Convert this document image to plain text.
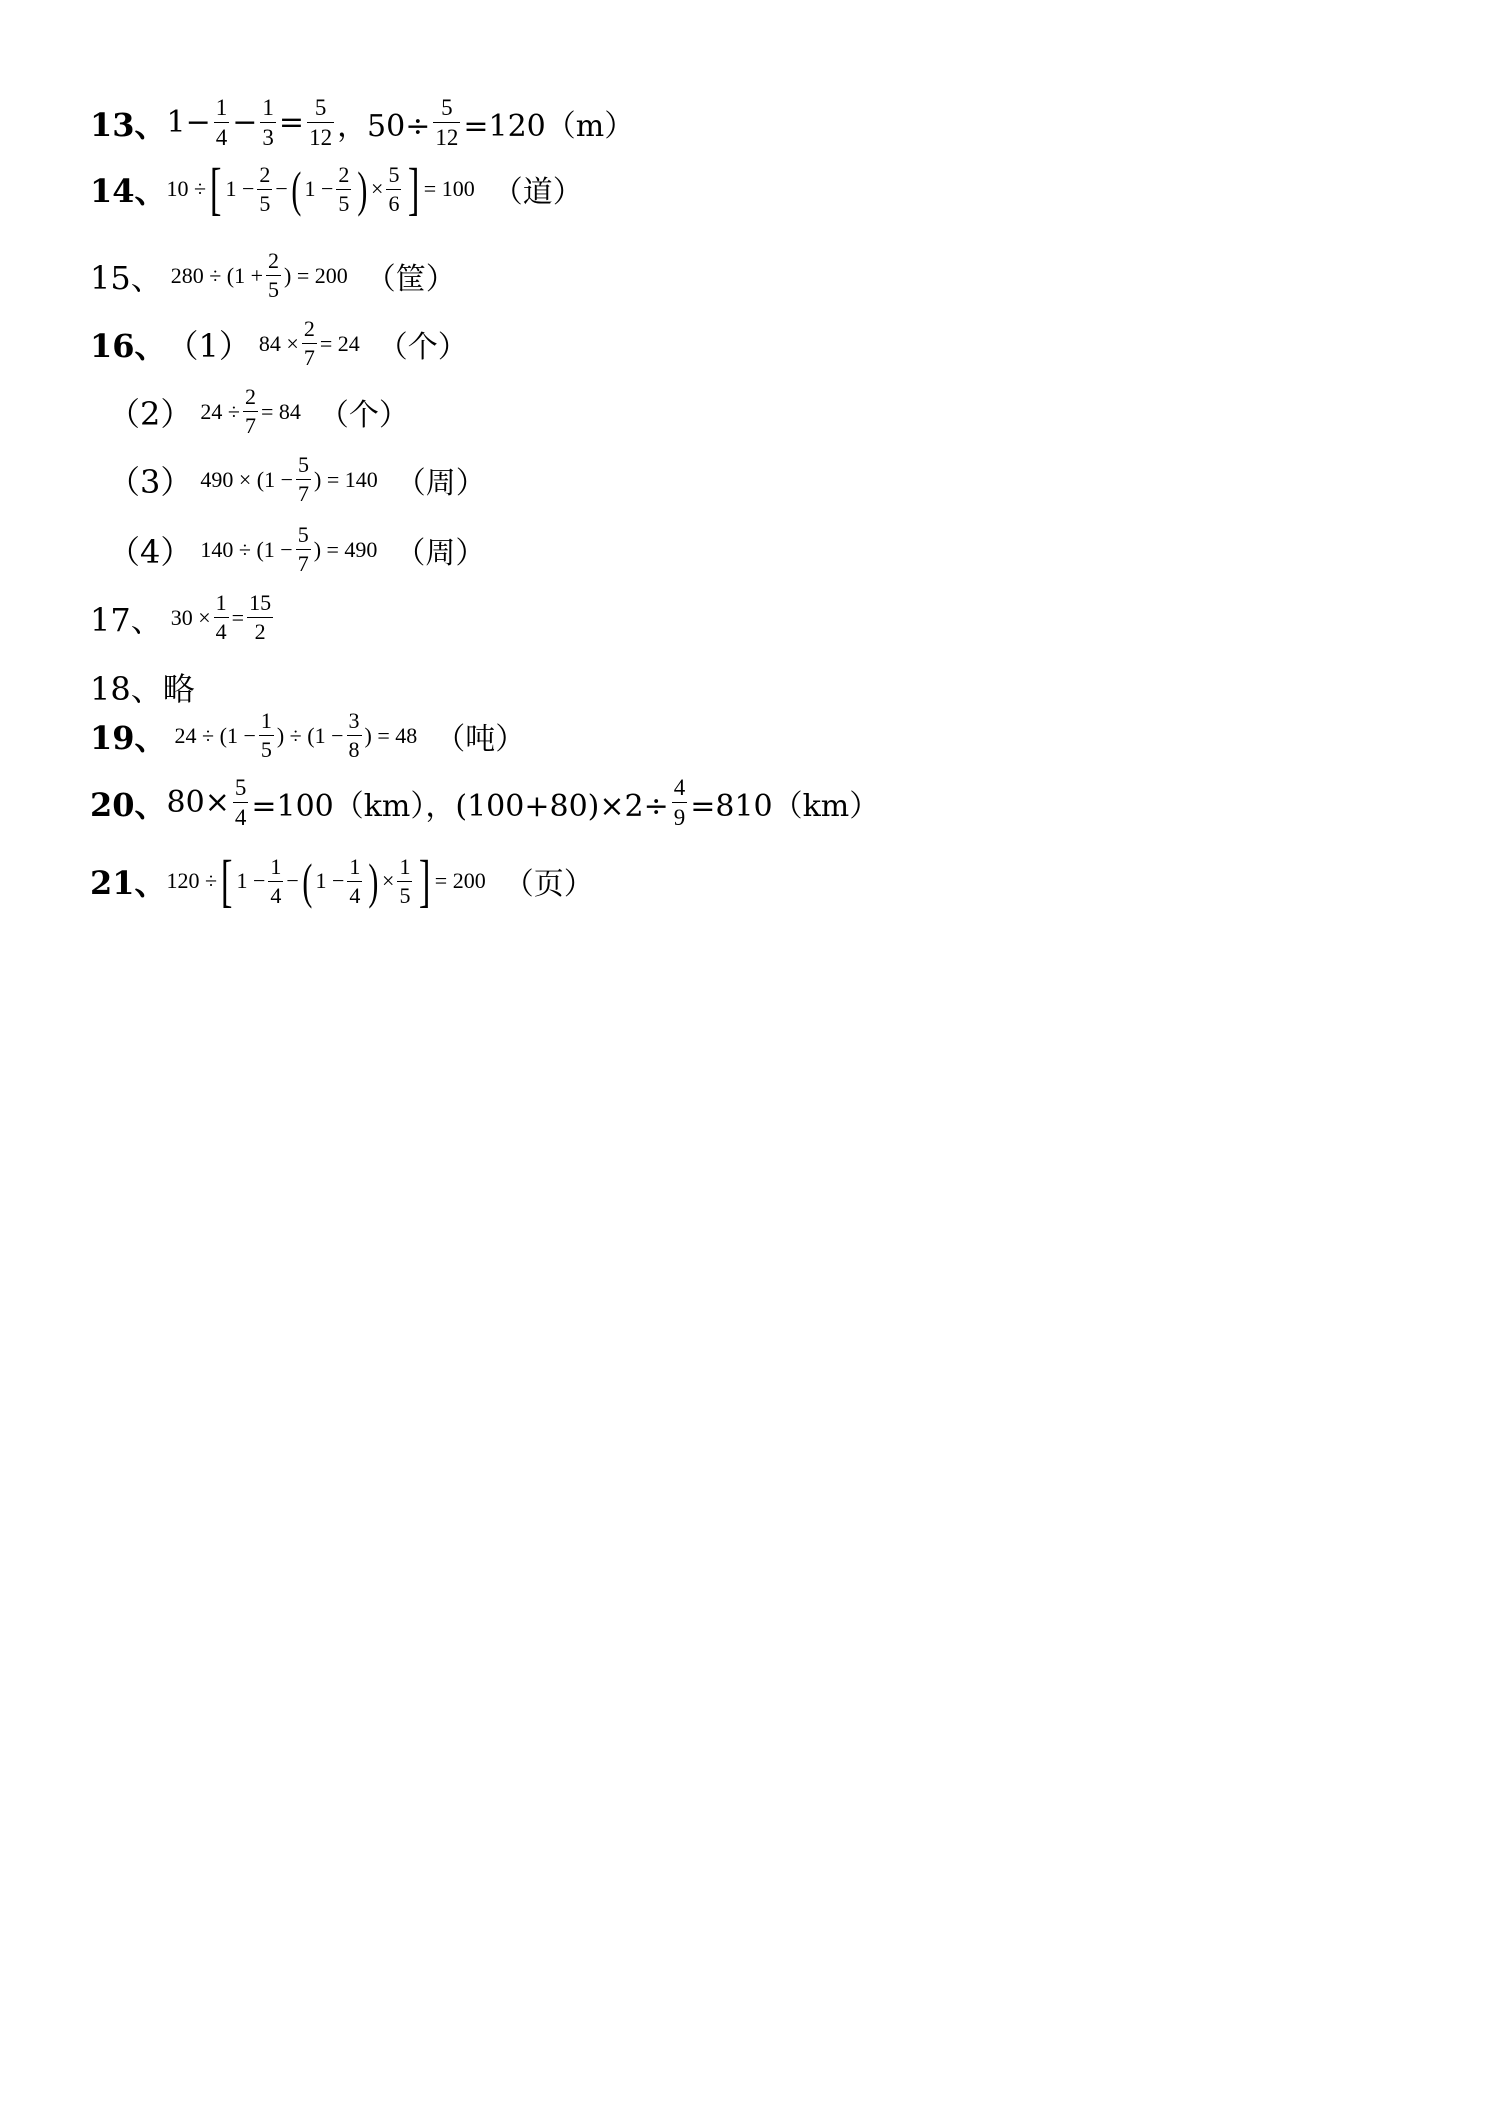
13、 $1- \frac{1}{4} - \frac{1}{3} = \frac{5}{12}$ ，$50\div \frac{5}{12} =120(m)$
14、 10 ÷ [ $1 - \frac{2}{5}$ − ( $1 - \frac{2}{5}$ ) × $\frac{5}{6}$ ] = 100 （道）
15、 $280 \div (1 + \frac{2}{5}$ ) = 200 （筐）
16、 （1） $84 \times \frac{2}{7} = 24$ （个）
（2） $24 \div \frac{2}{7} = 84$ （个）
（3） $490 \times (1 - \frac{5}{7}$ ) = 140 （周）
（4） $140 \div (1 - \frac{5}{7}$ ) = 490 （周）
17、 $30 \times \frac{1}{4} = \frac{15}{2}$
18、 略
19、 $24 \div (1 - \frac{1}{5}$ ) ÷ ($1 - \frac{3}{8}$ ) = 48 （吨）
20、 $80\times \frac{5}{4} =100(km)$，$(100+80)\times 2\div \frac{4}{9} =810(km)$
21、 120 ÷ [ $1 - \frac{1}{4}$ − ( $1 - \frac{1}{4}$ ) × $\frac{1}{5}$ ] = 200 （页）
